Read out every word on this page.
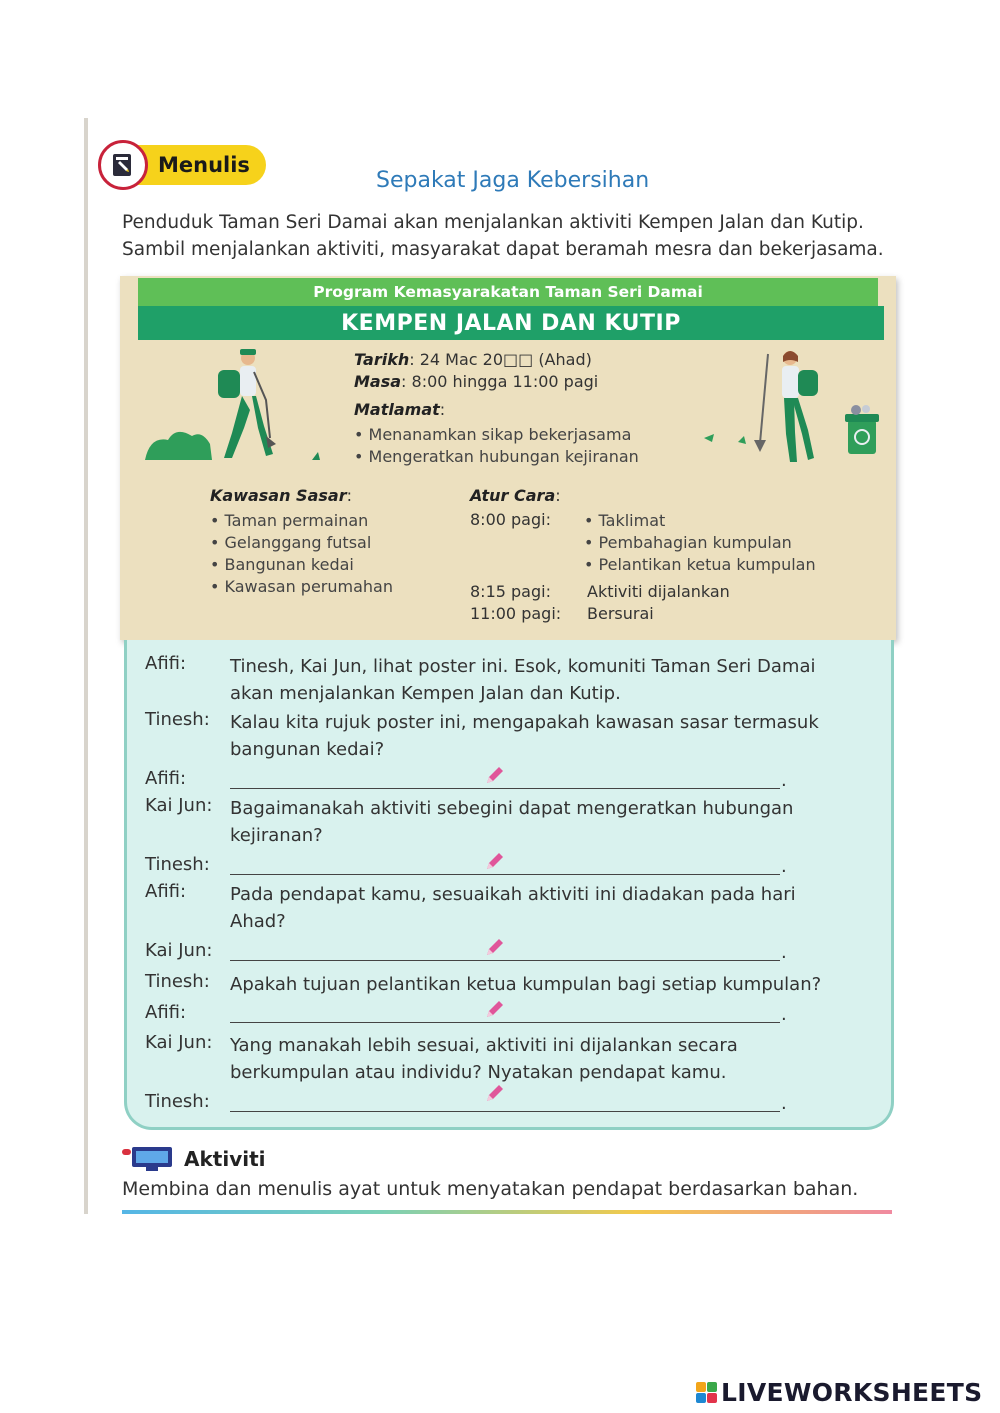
Menulis
Sepakat Jaga Kebersihan
Penduduk Taman Seri Damai akan menjalankan aktiviti Kempen Jalan dan Kutip.
Sambil menjalankan aktiviti, masyarakat dapat beramah mesra dan bekerjasama.
Program Kemasyarakatan Taman Seri Damai
KEMPEN JALAN DAN KUTIP
Tarikh: 24 Mac 20□□ (Ahad)
Masa: 8:00 hingga 11:00 pagi
Matlamat:
• Menanamkan sikap bekerjasama
• Mengeratkan hubungan kejiranan
Kawasan Sasar:
• Taman permainan
• Gelanggang futsal
• Bangunan kedai
• Kawasan perumahan
Atur Cara:
8:00 pagi: • Taklimat
• Pembahagian kumpulan
• Pelantikan ketua kumpulan
8:15 pagi: Aktiviti dijalankan
11:00 pagi: Bersurai
Afifi: Tinesh, Kai Jun, lihat poster ini. Esok, komuniti Taman Seri Damai
akan menjalankan Kempen Jalan dan Kutip.
Tinesh: Kalau kita rujuk poster ini, mengapakah kawasan sasar termasuk
bangunan kedai?
Afifi:	.
Kai Jun: Bagaimanakah aktiviti sebegini dapat mengeratkan hubungan
kejiranan?
Tinesh:	.
Afifi: Pada pendapat kamu, sesuaikah aktiviti ini diadakan pada hari
Ahad?
Kai Jun:	.
Tinesh: Apakah tujuan pelantikan ketua kumpulan bagi setiap kumpulan?
Afifi:	.
Kai Jun: Yang manakah lebih sesuai, aktiviti ini dijalankan secara
berkumpulan atau individu? Nyatakan pendapat kamu.
Tinesh:	.
Aktiviti
Membina dan menulis ayat untuk menyatakan pendapat berdasarkan bahan.
LIVEWORKSHEETS
